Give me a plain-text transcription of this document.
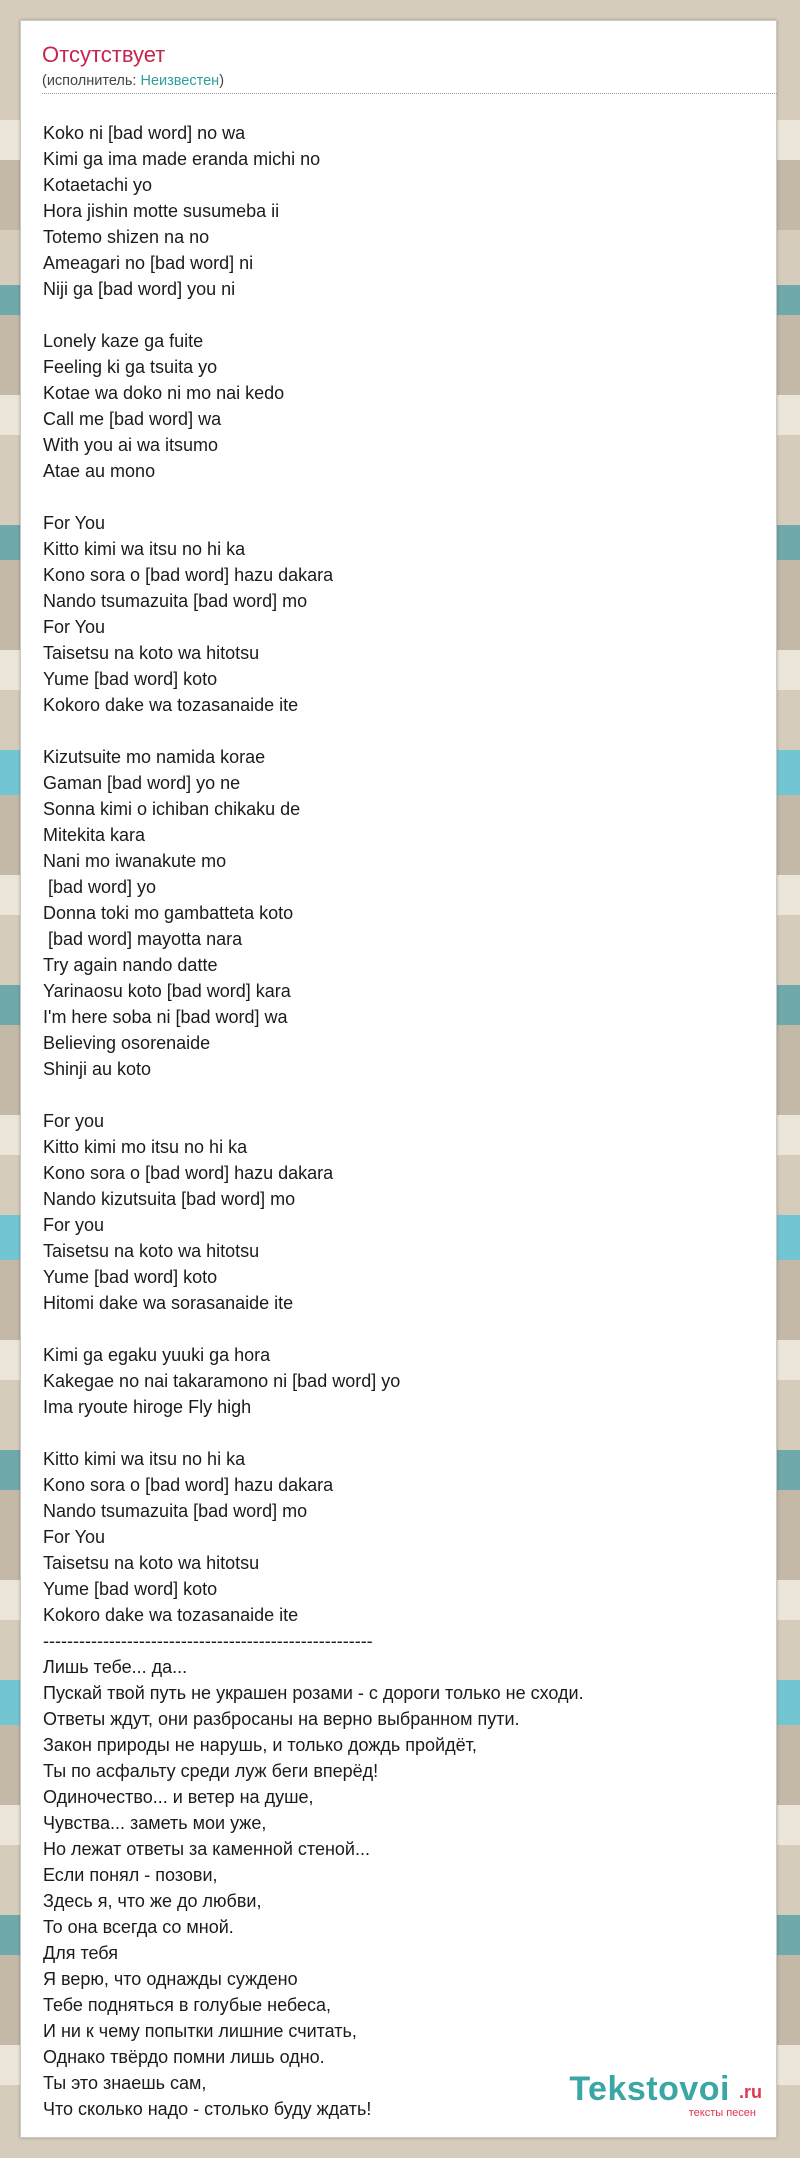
Отсутствует
(исполнитель: Неизвестен)
Koko ni [bad word] no wa
Kimi ga ima made eranda michi no
Kotaetachi yo
Hora jishin motte susumeba ii
Totemo shizen na no
Ameagari no [bad word] ni
Niji ga [bad word] you ni
Lonely kaze ga fuite
Feeling ki ga tsuita yo
Kotae wa doko ni mo nai kedo
Call me [bad word] wa
With you ai wa itsumo
Atae au mono
For You
Kitto kimi wa itsu no hi ka
Kono sora o [bad word] hazu dakara
Nando tsumazuita [bad word] mo
For You
Taisetsu na koto wa hitotsu
Yume [bad word] koto
Kokoro dake wa tozasanaide ite
Kizutsuite mo namida korae
Gaman [bad word] yo ne
Sonna kimi o ichiban chikaku de
Mitekita kara
Nani mo iwanakute mo
[bad word] yo
Donna toki mo gambatteta koto
[bad word] mayotta nara
Try again nando datte
Yarinaosu koto [bad word] kara
I'm here soba ni [bad word] wa
Believing osorenaide
Shinji au koto
For you
Kitto kimi mo itsu no hi ka
Kono sora o [bad word] hazu dakara
Nando kizutsuita [bad word] mo
For you
Taisetsu na koto wa hitotsu
Yume [bad word] koto
Hitomi dake wa sorasanaide ite
Kimi ga egaku yuuki ga hora
Kakegae no nai takaramono ni [bad word] yo
Ima ryoute hiroge Fly high
Kitto kimi wa itsu no hi ka
Kono sora o [bad word] hazu dakara
Nando tsumazuita [bad word] mo
For You
Taisetsu na koto wa hitotsu
Yume [bad word] koto
Kokoro dake wa tozasanaide ite
-------------------------------------------------------
Лишь тебе... да...
Пускай твой путь не украшен розами - с дороги только не сходи.
Ответы ждут, они разбросаны на верно выбранном пути.
Закон природы не нарушь, и только дождь пройдёт,
Ты по асфальту среди луж беги вперёд!
Одиночество... и ветер на душе,
Чувства... заметь мои уже,
Но лежат ответы за каменной стеной...
Если понял - позови,
Здесь я, что же до любви,
То она всегда со мной.
Для тебя
Я верю, что однажды суждено
Тебе подняться в голубые небеса,
И ни к чему попытки лишние считать,
Однако твёрдо помни лишь одно.
Ты это знаешь сам,
Что сколько надо - столько буду ждать!
Tekstovoi .ru
тексты песен
